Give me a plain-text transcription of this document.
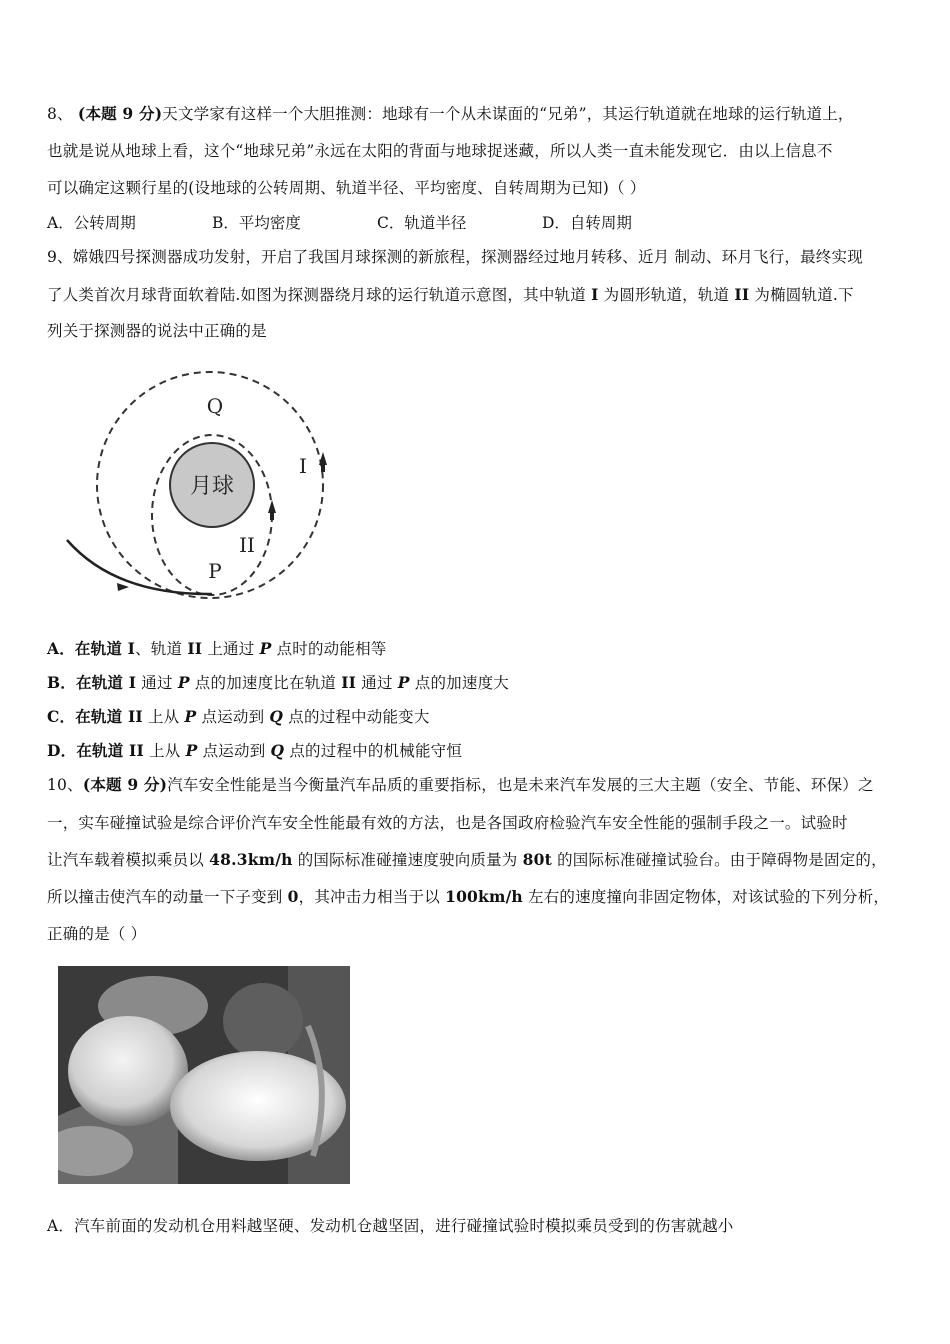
8、 (本题 9 分)天文学家有这样一个大胆推测：地球有一个从未谋面的“兄弟”，其运行轨道就在地球的运行轨道上，
也就是说从地球上看，这个“地球兄弟”永远在太阳的背面与地球捉迷藏，所以人类一直未能发现它．由以上信息不
可以确定这颗行星的(设地球的公转周期、轨道半径、平均密度、自转周期为已知)（ ）
A．公转周期	B．平均密度	C．轨道半径	D．自转周期
9、嫦娥四号探测器成功发射，开启了我国月球探测的新旅程，探测器经过地月转移、近月 制动、环月飞行，最终实现
了人类首次月球背面软着陆.如图为探测器绕月球的运行轨道示意图，其中轨道 I 为圆形轨道，轨道 II 为椭圆轨道.下
列关于探测器的说法中正确的是
月球
Q
I
II
P
A．在轨道 I、轨道 II 上通过 P 点时的动能相等
B．在轨道 I 通过 P 点的加速度比在轨道 II 通过 P 点的加速度大
C．在轨道 II 上从 P 点运动到 Q 点的过程中动能变大
D．在轨道 II 上从 P 点运动到 Q 点的过程中的机械能守恒
10、(本题 9 分)汽车安全性能是当今衡量汽车品质的重要指标，也是未来汽车发展的三大主题（安全、节能、环保）之
一，实车碰撞试验是综合评价汽车安全性能最有效的方法，也是各国政府检验汽车安全性能的强制手段之一。试验时
让汽车载着模拟乘员以 48.3km/h 的国际标准碰撞速度驶向质量为 80t 的国际标准碰撞试验台。由于障碍物是固定的，
所以撞击使汽车的动量一下子变到 0，其冲击力相当于以 100km/h 左右的速度撞向非固定物体，对该试验的下列分析，
正确的是（ ）
A．汽车前面的发动机仓用料越坚硬、发动机仓越坚固，进行碰撞试验时模拟乘员受到的伤害就越小
